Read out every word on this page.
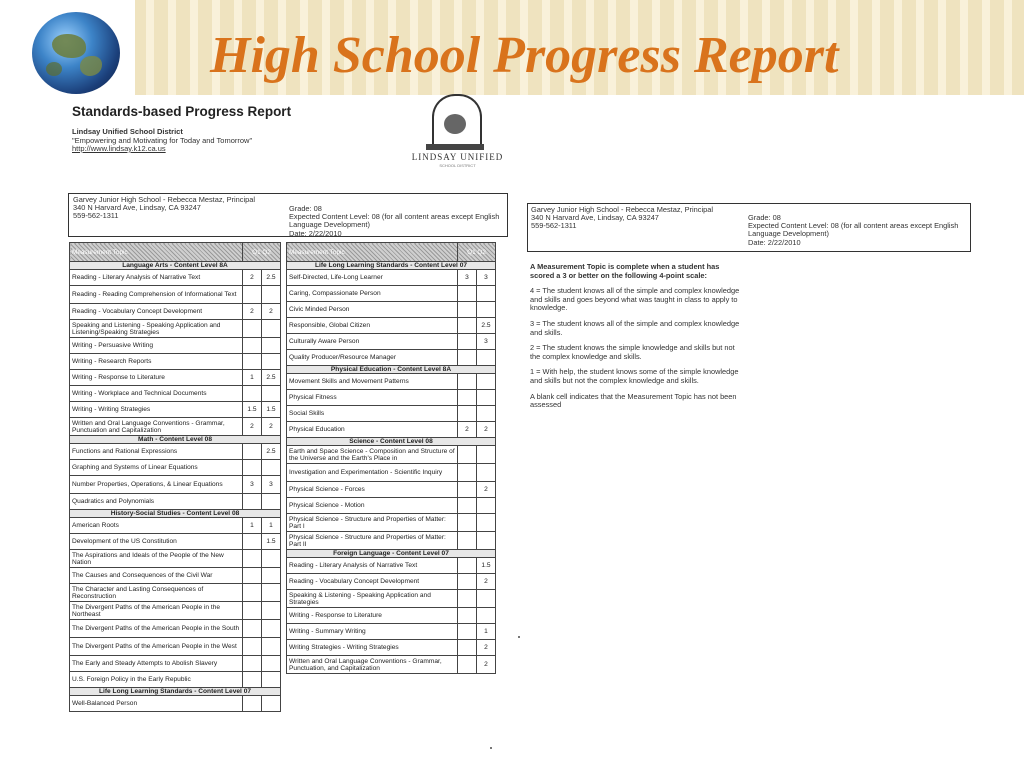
High School Progress Report
Standards-based Progress Report
Lindsay Unified School District
"Empowering and Motivating for Today and Tomorrow"
http://www.lindsay.k12.ca.us
LINDSAY UNIFIED
SCHOOL DISTRICT
Garvey Junior High School - Rebecca Mestaz, Principal
340 N Harvard Ave, Lindsay, CA 93247
559-562-1311
Grade: 08
Expected Content Level: 08 (for all content areas except English Language Development)
Date: 2/22/2010
Garvey Junior High School - Rebecca Mestaz, Principal
340 N Harvard Ave, Lindsay, CA 93247
559-562-1311
Grade: 08
Expected Content Level: 08 (for all content areas except English Language Development)
Date: 2/22/2010
Measurement Topic	Q1 Q2	
Language Arts - Content Level 8A		
Reading - Literary Analysis of Narrative Text	2	2.5
Reading - Reading Comprehension of Informational Text		
Reading - Vocabulary Concept Development	2	2
Speaking and Listening - Speaking Application and Listening/Speaking Strategies		
Writing - Persuasive Writing		
Writing - Research Reports		
Writing - Response to Literature	1	2.5
Writing - Workplace and Technical Documents		
Writing - Writing Strategies	1.5	1.5
Written and Oral Language Conventions - Grammar, Punctuation and Capitalization	2	2
Math - Content Level 08		
Functions and Rational Expressions		2.5
Graphing and Systems of Linear Equations		
Number Properties, Operations, & Linear Equations	3	3
Quadratics and Polynomials		
History-Social Studies - Content Level 08		
American Roots	1	1
Development of the US Constitution		1.5
The Aspirations and Ideals of the People of the New Nation		
The Causes and Consequences of the Civil War		
The Character and Lasting Consequences of Reconstruction		
The Divergent Paths of the American People in the Northeast		
The Divergent Paths of the American People in the South		
The Divergent Paths of the American People in the West		
The Early and Steady Attempts to Abolish Slavery		
U.S. Foreign Policy in the Early Republic		
Life Long Learning Standards - Content Level 07		
Well-Balanced Person		
Measurement Topic	Q1 Q2	
Life Long Learning Standards - Content Level 07		
Self-Directed, Life-Long Learner	3	3
Caring, Compassionate Person		
Civic Minded Person		
Responsible, Global Citizen		2.5
Culturally Aware Person		3
Quality Producer/Resource Manager		
Physical Education - Content Level 8A		
Movement Skills and Movement Patterns		
Physical Fitness		
Social Skills		
Physical Education	2	2
Science - Content Level 08		
Earth and Space Science - Composition and Structure of the Universe and the Earth's Place in		
Investigation and Experimentation - Scientific Inquiry		
Physical Science - Forces		2
Physical Science - Motion		
Physical Science - Structure and Properties of Matter: Part I		
Physical Science - Structure and Properties of Matter: Part II		
Foreign Language - Content Level 07		
Reading - Literary Analysis of Narrative Text		1.5
Reading - Vocabulary Concept Development		2
Speaking & Listening - Speaking Application and Strategies		
Writing - Response to Literature		
Writing - Summary Writing		1
Writing Strategies - Writing Strategies		2
Written and Oral Language Conventions - Grammar, Punctuation, and Capitalization		2

A Measurement Topic is complete when a student has scored a 3 or better on the following 4-point scale:

4 = The student knows all of the simple and complex knowledge and skills and goes beyond what was taught in class to apply to knowledge.

3 = The student knows all of the simple and complex knowledge and skills.

2 = The student knows the simple knowledge and skills but not the complex knowledge and skills.

1 = With help, the student knows some of the simple knowledge and skills but not the complex knowledge and skills.

A blank cell indicates that the Measurement Topic has not been assessed
